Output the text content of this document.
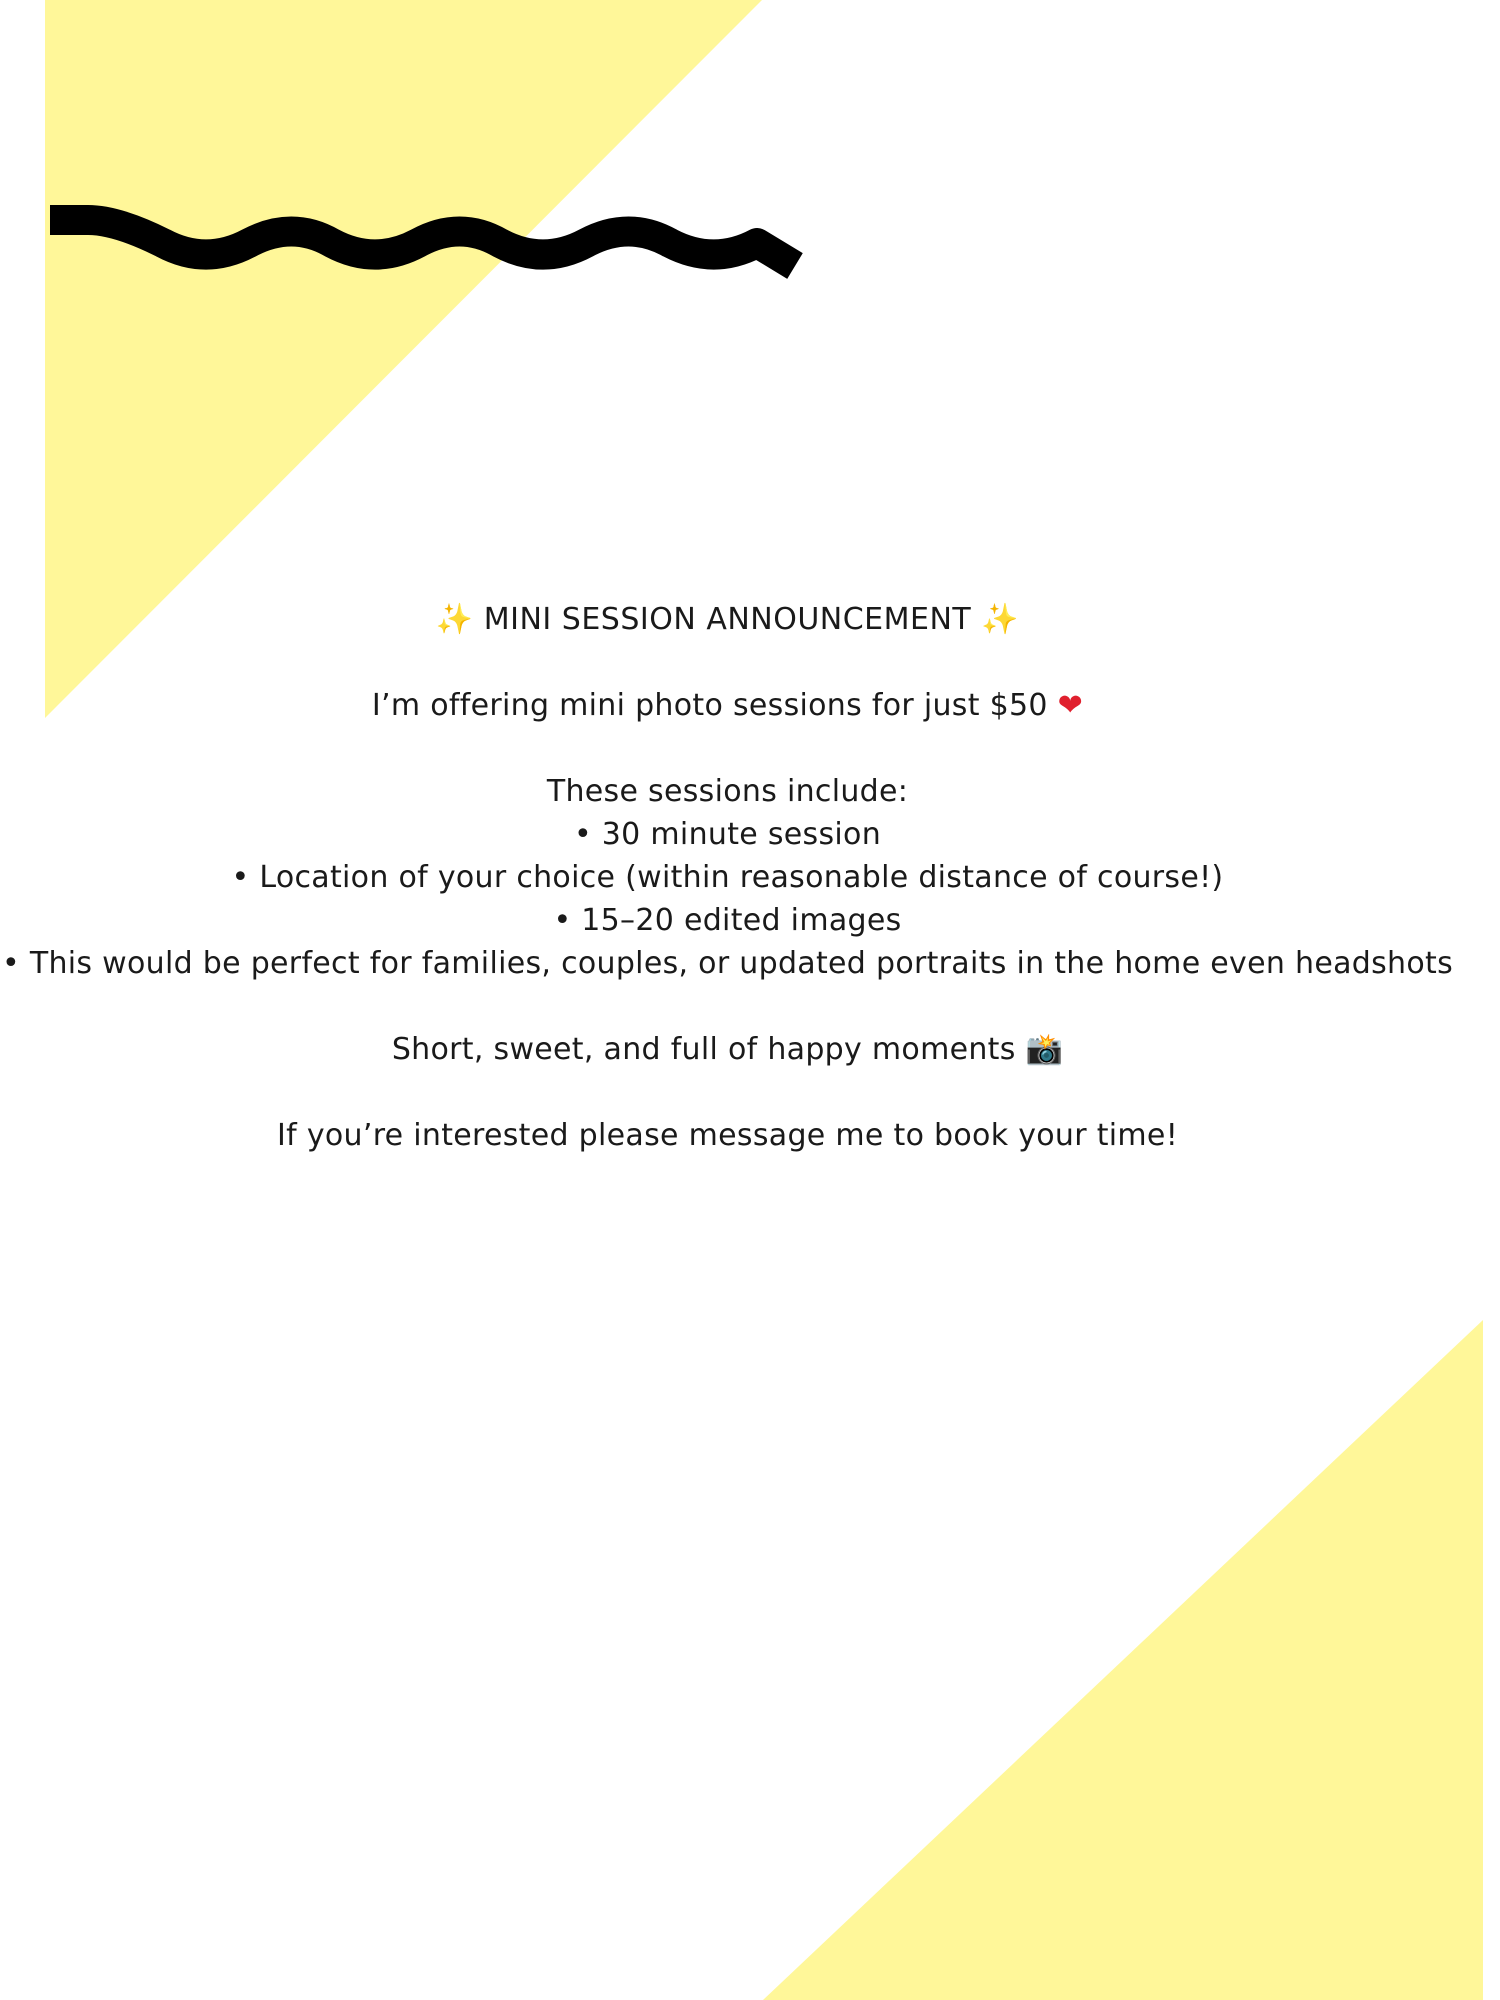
✨ MINI SESSION ANNOUNCEMENT ✨

I’m offering mini photo sessions for just $50 ❤

These sessions include:

• 30 minute session

• Location of your choice (within reasonable distance of course!)

• 15–20 edited images

• This would be perfect for families, couples, or updated portraits in the home even headshots

Short, sweet, and full of happy moments 📸

If you’re interested please message me to book your time!
